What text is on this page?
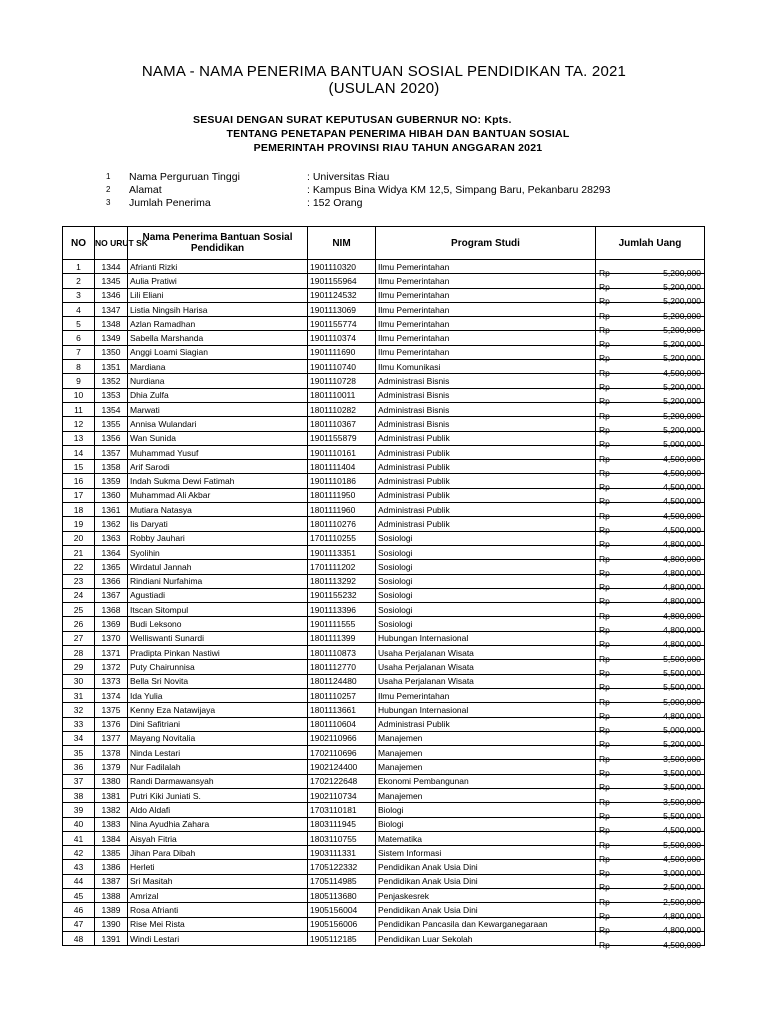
NAMA - NAMA PENERIMA BANTUAN SOSIAL PENDIDIKAN TA. 2021
(USULAN 2020)
SESUAI DENGAN SURAT KEPUTUSAN GUBERNUR NO: Kpts.
TENTANG PENETAPAN PENERIMA HIBAH DAN BANTUAN SOSIAL
PEMERINTAH PROVINSI RIAU TAHUN ANGGARAN 2021
1	Nama Perguruan Tinggi	: Universitas Riau
2	Alamat	: Kampus Bina Widya KM 12,5, Simpang Baru, Pekanbaru 28293
3	Jumlah Penerima	: 152 Orang
NO	NO URUT SK	Nama Penerima Bantuan Sosial Pendidikan	NIM	Program Studi	Jumlah Uang
1	1344	Afrianti Rizki	1901110320	Ilmu Pemerintahan	Rp 5,200,000

2	1345	Aulia Pratiwi	1901155964	Ilmu Pemerintahan	Rp 5,200,000

3	1346	Lili Eliani	1901124532	Ilmu Pemerintahan	Rp 5,200,000

4	1347	Listia Ningsih Harisa	1901113069	Ilmu Pemerintahan	Rp 5,200,000

5	1348	Azlan Ramadhan	1901155774	Ilmu Pemerintahan	Rp 5,200,000

6	1349	Sabella Marshanda	1901110374	Ilmu Pemerintahan	Rp 5,200,000

7	1350	Anggi Loami Siagian	1901111690	Ilmu Pemerintahan	Rp 5,200,000

8	1351	Mardiana	1901110740	Ilmu Komunikasi	Rp 4,500,000

9	1352	Nurdiana	1901110728	Administrasi Bisnis	Rp 5,200,000

10	1353	Dhia Zulfa	1801110011	Administrasi Bisnis	Rp 5,200,000

11	1354	Marwati	1801110282	Administrasi Bisnis	Rp 5,200,000

12	1355	Annisa Wulandari	1801110367	Administrasi Bisnis	Rp 5,200,000

13	1356	Wan Sunida	1901155879	Administrasi Publik	Rp 5,000,000

14	1357	Muhammad Yusuf	1901110161	Administrasi Publik	Rp 4,500,000

15	1358	Arif Sarodi	1801111404	Administrasi Publik	Rp 4,500,000

16	1359	Indah Sukma Dewi Fatimah	1901110186	Administrasi Publik	Rp 4,500,000

17	1360	Muhammad Ali Akbar	1801111950	Administrasi Publik	Rp 4,500,000

18	1361	Mutiara Natasya	1801111960	Administrasi Publik	Rp 4,500,000

19	1362	Iis Daryati	1801110276	Administrasi Publik	Rp 4,500,000

20	1363	Robby Jauhari	1701110255	Sosiologi	Rp 4,800,000

21	1364	Syolihin	1901113351	Sosiologi	Rp 4,800,000

22	1365	Wirdatul Jannah	1701111202	Sosiologi	Rp 4,800,000

23	1366	Rindiani Nurfahima	1801113292	Sosiologi	Rp 4,800,000

24	1367	Agustiadi	1901155232	Sosiologi	Rp 4,800,000

25	1368	Itscan Sitompul	1901113396	Sosiologi	Rp 4,800,000

26	1369	Budi Leksono	1901111555	Sosiologi	Rp 4,800,000

27	1370	Welliswanti Sunardi	1801111399	Hubungan Internasional	Rp 4,800,000

28	1371	Pradipta Pinkan Nastiwi	1801110873	Usaha Perjalanan Wisata	Rp 5,500,000

29	1372	Puty Chairunnisa	1801112770	Usaha Perjalanan Wisata	Rp 5,500,000

30	1373	Bella Sri Novita	1801124480	Usaha Perjalanan Wisata	Rp 5,500,000

31	1374	Ida Yulia	1801110257	Ilmu Pemerintahan	Rp 5,000,000

32	1375	Kenny Eza Natawijaya	1801113661	Hubungan Internasional	Rp 4,800,000

33	1376	Dini Safitriani	1801110604	Administrasi Publik	Rp 5,000,000

34	1377	Mayang Novitalia	1902110966	Manajemen	Rp 5,200,000

35	1378	Ninda Lestari	1702110696	Manajemen	Rp 3,500,000

36	1379	Nur Fadilalah	1902124400	Manajemen	Rp 3,500,000

37	1380	Randi Darmawansyah	1702122648	Ekonomi Pembangunan	Rp 3,500,000

38	1381	Putri Kiki Juniati S.	1902110734	Manajemen	Rp 3,500,000

39	1382	Aldo Aldafi	1703110181	Biologi	Rp 5,500,000

40	1383	Nina Ayudhia Zahara	1803111945	Biologi	Rp 4,500,000

41	1384	Aisyah Fitria	1803110755	Matematika	Rp 5,500,000

42	1385	Jihan Para Dibah	1903111331	Sistem Informasi	Rp 4,500,000

43	1386	Herleti	1705122332	Pendidikan Anak Usia Dini	Rp 3,000,000

44	1387	Sri Masitah	1705114985	Pendidikan Anak Usia Dini	Rp 2,500,000

45	1388	Amrizal	1805113680	Penjaskesrek	Rp 2,500,000

46	1389	Rosa Afrianti	1905156004	Pendidikan Anak Usia Dini	Rp 4,800,000

47	1390	Rise Mei Rista	1905156006	Pendidikan Pancasila dan Kewarganegaraan	Rp 4,800,000

48	1391	Windi Lestari	1905112185	Pendidikan Luar Sekolah	Rp 4,500,000
